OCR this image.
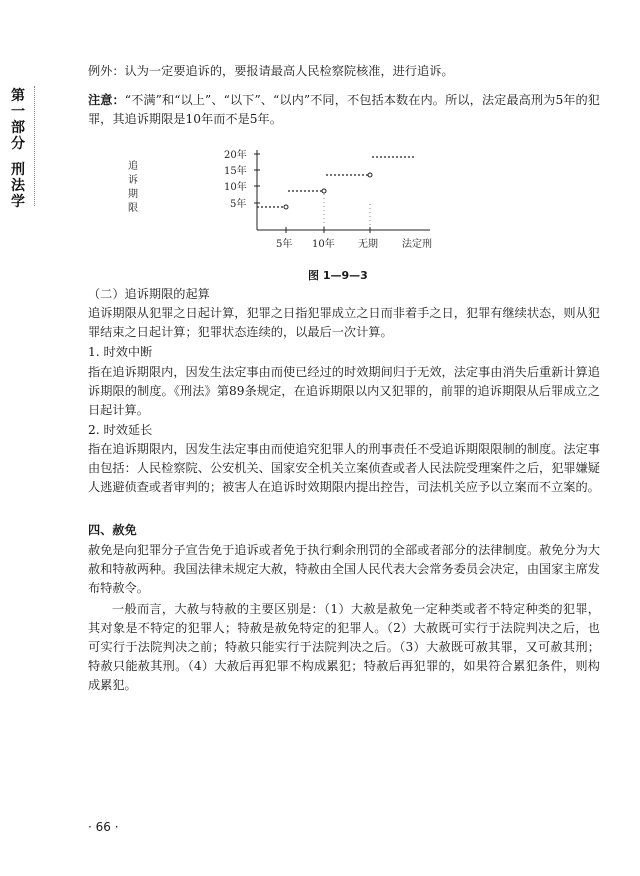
第
一
部
分
刑
法
学

例外：认为一定要追诉的，要报请最高人民检察院核准，进行追诉。

注意：“不满”和“以上”、“以下”、“以内”不同，不包括本数在内。所以，法定最高刑为5年的犯罪，其追诉期限是10年而不是5年。

追
诉
期
限
20年
15年
10年
5年
5年 10年 无期 法定刑
图 1—9—3

（二）追诉期限的起算

追诉期限从犯罪之日起计算，犯罪之日指犯罪成立之日而非着手之日，犯罪有继续状态，则从犯罪结束之日起计算；犯罪状态连续的，以最后一次计算。

1. 时效中断

指在追诉期限内，因发生法定事由而使已经过的时效期间归于无效，法定事由消失后重新计算追诉期限的制度。《刑法》第89条规定，在追诉期限以内又犯罪的，前罪的追诉期限从后罪成立之日起计算。

2. 时效延长

指在追诉期限内，因发生法定事由而使追究犯罪人的刑事责任不受追诉期限限制的制度。法定事由包括：人民检察院、公安机关、国家安全机关立案侦查或者人民法院受理案件之后，犯罪嫌疑人逃避侦查或者审判的；被害人在追诉时效期限内提出控告，司法机关应予以立案而不立案的。

四、赦免

赦免是向犯罪分子宣告免于追诉或者免于执行剩余刑罚的全部或者部分的法律制度。赦免分为大赦和特赦两种。我国法律未规定大赦，特赦由全国人民代表大会常务委员会决定，由国家主席发布特赦令。

一般而言，大赦与特赦的主要区别是：（1）大赦是赦免一定种类或者不特定种类的犯罪，其对象是不特定的犯罪人；特赦是赦免特定的犯罪人。（2）大赦既可实行于法院判决之后，也可实行于法院判决之前；特赦只能实行于法院判决之后。（3）大赦既可赦其罪，又可赦其刑；特赦只能赦其刑。（4）大赦后再犯罪不构成累犯；特赦后再犯罪的，如果符合累犯条件，则构成累犯。

· 66 ·
